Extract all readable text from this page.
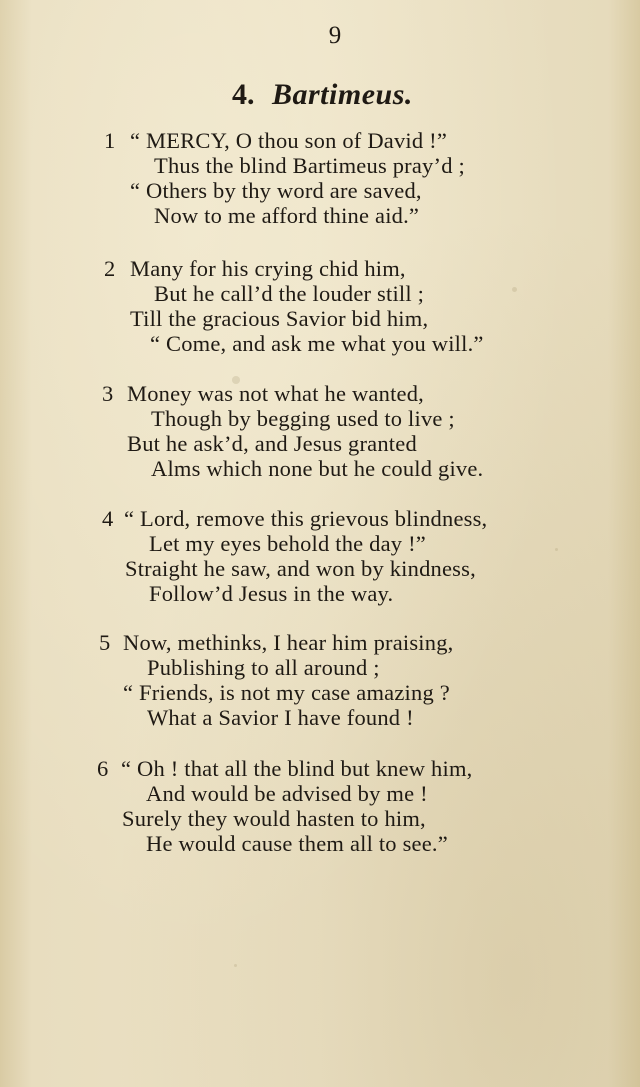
9
4. Bartimeus.
1 “ MERCY, O thou son of David !”
Thus the blind Bartimeus pray’d ;
“ Others by thy word are saved,
Now to me afford thine aid.”
2 Many for his crying chid him,
But he call’d the louder still ;
Till the gracious Savior bid him,
“ Come, and ask me what you will.”
3 Money was not what he wanted,
Though by begging used to live ;
But he ask’d, and Jesus granted
Alms which none but he could give.
4 “ Lord, remove this grievous blindness,
Let my eyes behold the day !”
Straight he saw, and won by kindness,
Follow’d Jesus in the way.
5 Now, methinks, I hear him praising,
Publishing to all around ;
“ Friends, is not my case amazing ?
What a Savior I have found !
6 “ Oh ! that all the blind but knew him,
And would be advised by me !
Surely they would hasten to him,
He would cause them all to see.”
